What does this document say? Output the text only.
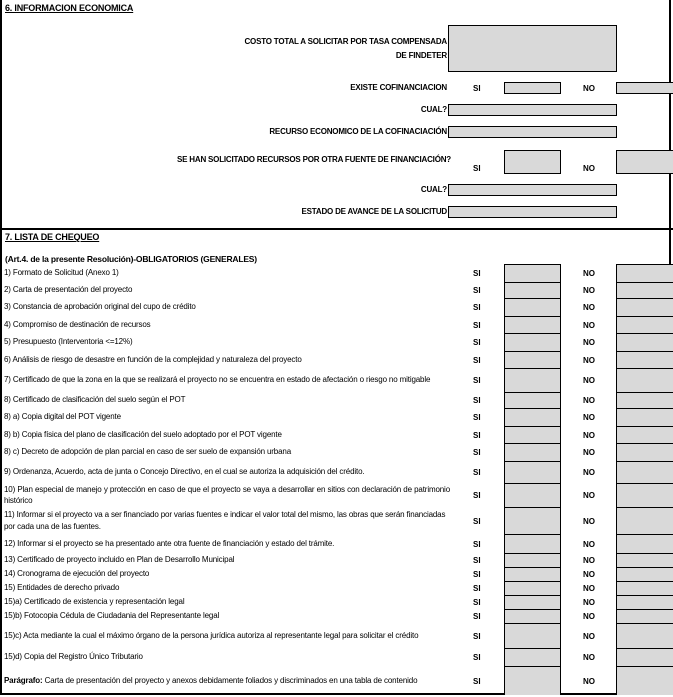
6. INFORMACION ECONOMICA
COSTO TOTAL A SOLICITAR POR TASA COMPENSADA
DE FINDETER
EXISTE COFINANCIACION	SI	NO
CUAL?
RECURSO ECONOMICO DE LA COFINACIACIÓN
SE HAN SOLICITADO RECURSOS POR OTRA FUENTE DE FINANCIACIÓN?
SI	NO
CUAL?
ESTADO DE AVANCE DE LA SOLICITUD
7. LISTA DE CHEQUEO
(Art.4. de la presente Resolución)-OBLIGATORIOS (GENERALES)
1) Formato de Solicitud (Anexo 1)	SI	NO
2) Carta de presentación del proyecto	SI	NO
3) Constancia de aprobación original del cupo de crédito	SI	NO
4) Compromiso de destinación de recursos	SI	NO
5) Presupuesto (Interventoria <=12%)	SI	NO
6) Análisis de riesgo de desastre en función de la complejidad y naturaleza del proyecto	SI	NO
7) Certificado de que la zona en la que se realizará el proyecto no se encuentra en estado de afectación o riesgo no mitigable	SI	NO
8) Certificado de clasificación del suelo según el POT	SI	NO
8) a) Copia digital del POT vigente	SI	NO
8) b) Copia física del plano de clasificación del suelo adoptado por el POT vigente	SI	NO
8) c) Decreto de adopción de plan parcial en caso de ser suelo de expansión urbana	SI	NO
9) Ordenanza, Acuerdo, acta de junta o Concejo Directivo, en el cual se autoriza la adquisición del crédito.	SI	NO
10) Plan especial de manejo y protección en caso de que el proyecto se vaya a desarrollar en sitios con declaración de patrimonio histórico
SI	NO
11) Informar si el proyecto va a ser financiado por varias fuentes e indicar el valor total del mismo, las obras que serán financiadas por cada una de las fuentes.
SI	NO
12) Informar si el proyecto se ha presentado ante otra fuente de financiación y estado del trámite.	SI	NO
13) Certificado de proyecto incluido en Plan de Desarrollo Municipal	SI	NO
14) Cronograma de ejecución del proyecto	SI	NO
15) Entidades de derecho privado	SI	NO
15)a) Certificado de existencia y representación legal	SI	NO
15)b) Fotocopia Cédula de Ciudadania del Representante legal	SI	NO
15)c) Acta mediante la cual el máximo órgano de la persona jurídica autoriza al representante legal para solicitar el crédito	SI	NO
15)d) Copia del Registro Único Tributario	SI	NO
Parágrafo: Carta de presentación del proyecto y anexos debidamente foliados y discriminados en una tabla de contenido	SI	NO
